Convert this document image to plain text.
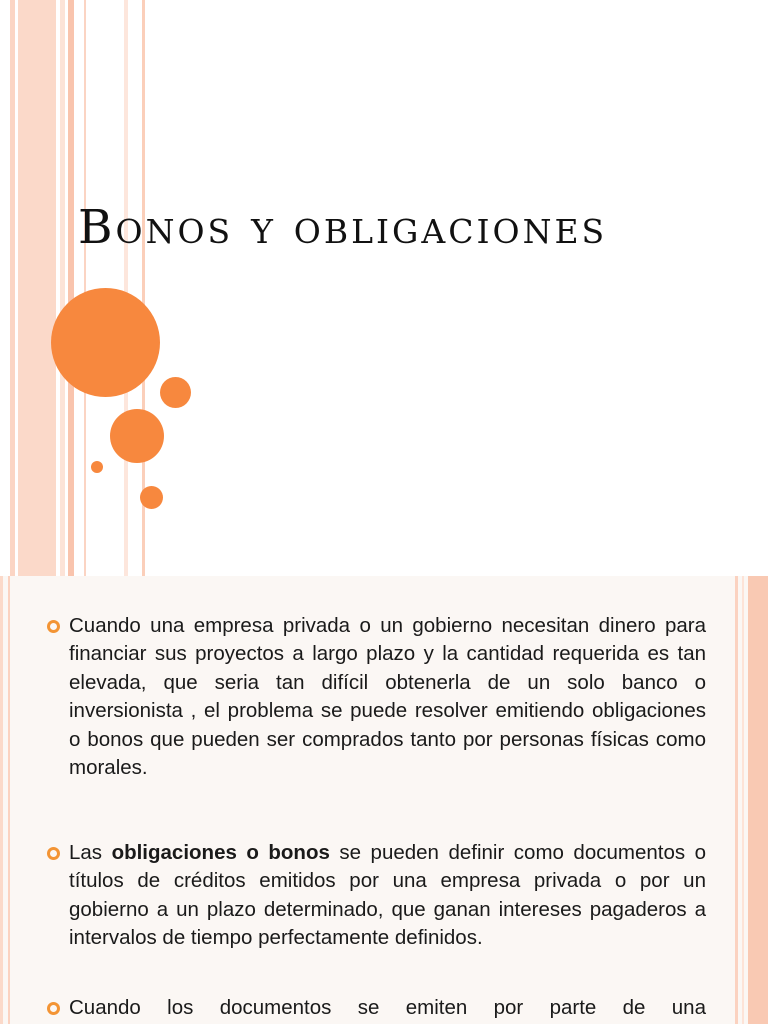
Bonos y obligaciones
Cuando una empresa privada o un gobierno necesitan dinero para financiar sus proyectos a largo plazo y la cantidad requerida es tan elevada, que seria tan difícil obtenerla de un solo banco o inversionista , el problema se puede resolver emitiendo obligaciones o bonos que pueden ser comprados tanto por personas físicas como morales.
Las obligaciones o bonos se pueden definir como documentos o títulos de créditos emitidos por una empresa privada o por un gobierno a un plazo determinado, que ganan intereses pagaderos a intervalos de tiempo perfectamente definidos.
Cuando los documentos se emiten por parte de una
